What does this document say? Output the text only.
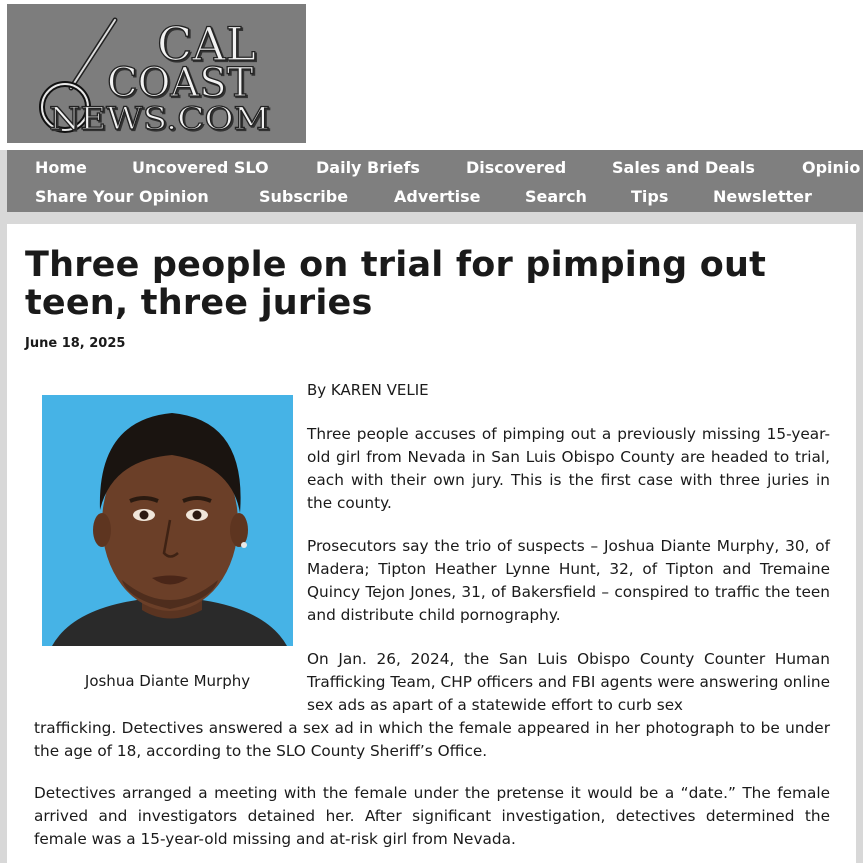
CAL
COAST
NEWS.COM
Home	Uncovered SLO	Daily Briefs	Discovered	Sales and Deals	Opinio
Share Your Opinion	Subscribe	Advertise	Search	Tips	Newsletter
Three people on trial for pimping out teen, three juries
June 18, 2025
Joshua Diante Murphy
By KAREN VELIE

Three people accuses of pimping out a previously missing 15-year-old girl from Nevada in San Luis Obispo County are headed to trial, each with their own jury. This is the first case with three juries in the county.

Prosecutors say the trio of suspects – Joshua Diante Murphy, 30, of Madera; Tipton Heather Lynne Hunt, 32, of Tipton and Tremaine Quincy Tejon Jones, 31, of Bakersfield – conspired to traffic the teen and distribute child pornography.

On Jan. 26, 2024, the San Luis Obispo County Counter Human Trafficking Team, CHP officers and FBI agents were answering online sex ads as apart of a statewide effort to curb sex

trafficking. Detectives answered a sex ad in which the female appeared in her photograph to be under the age of 18, according to the SLO County Sheriff’s Office.

Detectives arranged a meeting with the female under the pretense it would be a “date.” The female arrived and investigators detained her. After significant investigation, detectives determined the female was a 15-year-old missing and at-risk girl from Nevada.
